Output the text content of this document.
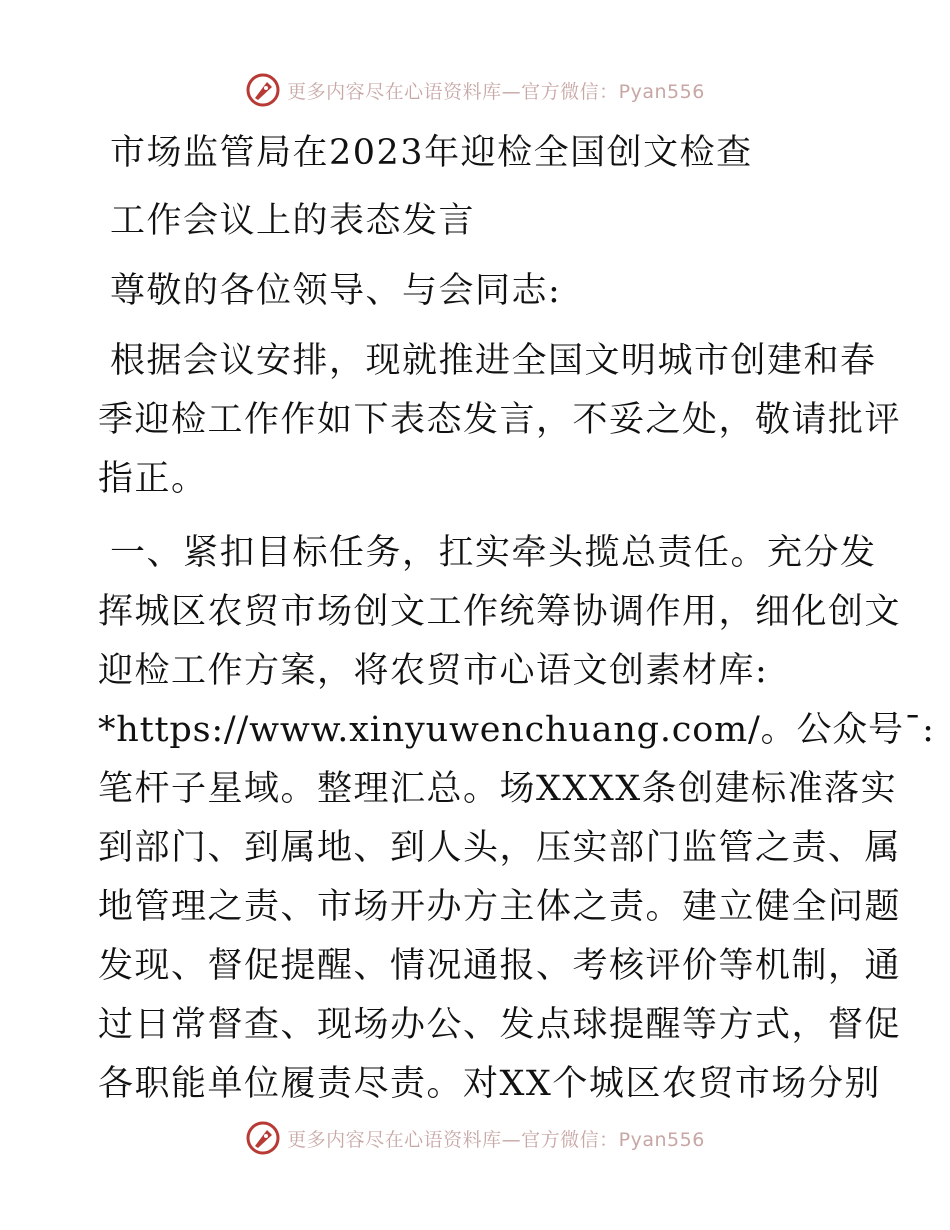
更多内容尽在心语资料库—官方微信：Pyan556
市场监管局在2023年迎检全国创文检查
工作会议上的表态发言
尊敬的各位领导、与会同志:
根据会议安排，现就推进全国文明城市创建和春
季迎检工作作如下表态发言，不妥之处，敬请批评
指正。
一、紧扣目标任务，扛实牵头揽总责任。充分发
挥城区农贸市场创文工作统筹协调作用，细化创文
迎检工作方案，将农贸市心语文创素材库:
*https://www.xinyuwenchuang.com/。公众号¯:
笔杆子星域。整理汇总。场XXXX条创建标准落实
到部门、到属地、到人头，压实部门监管之责、属
地管理之责、市场开办方主体之责。建立健全问题
发现、督促提醒、情况通报、考核评价等机制，通
过日常督查、现场办公、发点球提醒等方式，督促
各职能单位履责尽责。对XX个城区农贸市场分别
更多内容尽在心语资料库—官方微信：Pyan556
